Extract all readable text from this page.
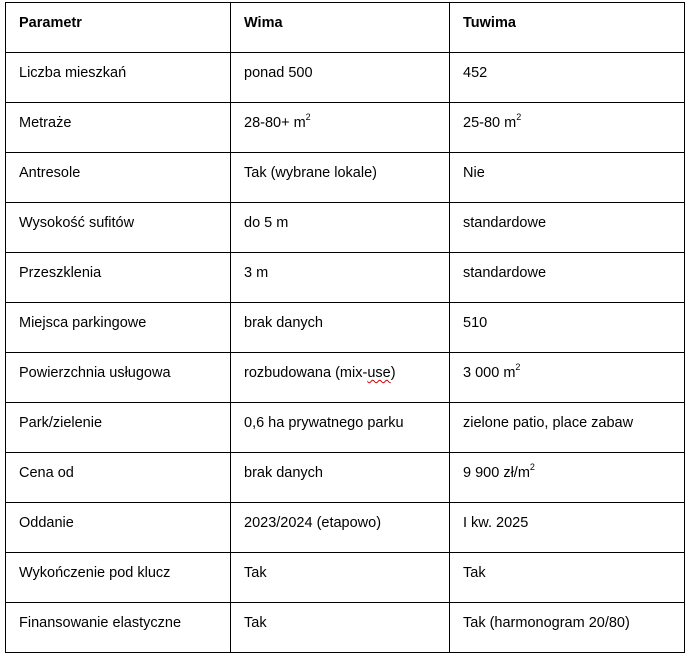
Parametr	Wima	Tuwima
Liczba mieszkań	ponad 500	452
Metraże	$28-80+ m^2$	25-80 $m^2$
Antresole	Tak (wybrane lokale)	Nie
Wysokość sufitów	do 5 m	standardowe
Przeszklenia	3 m	standardowe
Miejsca parkingowe	brak danych	510
Powierzchnia usługowa	rozbudowana (mix-use)	3 000 $m^2$
Park/zielenie	0,6 ha prywatnego parku	zielone patio, place zabaw
Cena od	brak danych	9 900 $zł/m^2$
Oddanie	2023/2024 (etapowo)	I kw. 2025
Wykończenie pod klucz	Tak	Tak
Finansowanie elastyczne	Tak	Tak (harmonogram 20/80)
